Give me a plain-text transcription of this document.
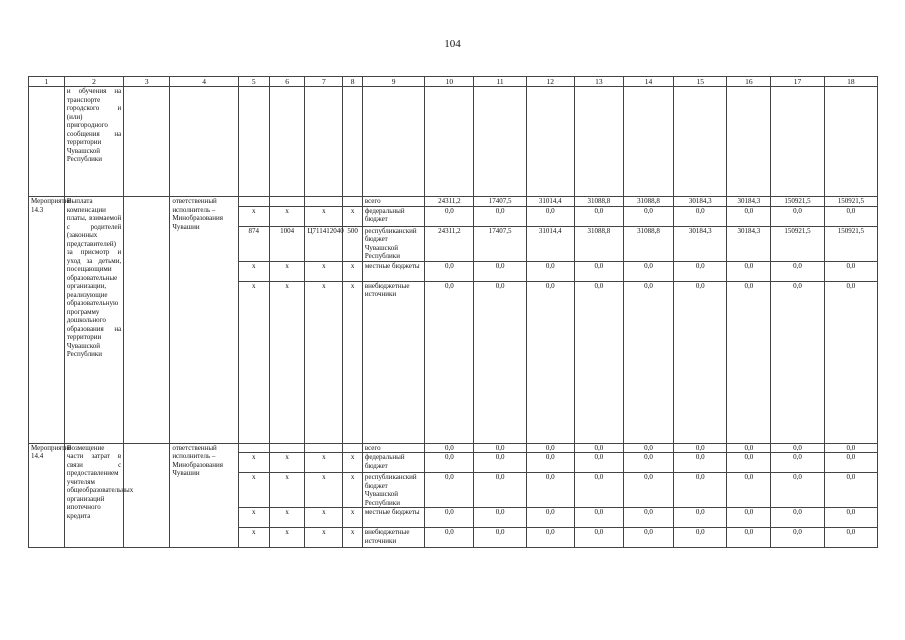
104
1	2	3	4	5	6	7	8	9	10	11	12	13	14	15	16	17	18
	и обучения на транспорте городского и (или) пригородного сообщения на территории Чувашской Республики																
Мероприятие 14.3	Выплата компенсации платы, взимаемой с родителей (законных представителей) за присмотр и уход за детьми, посещающими образовательные организации, реализующие образовательную программу дошкольного образования на территории Чувашской Республики		ответственный исполнитель – Минобразования Чувашии					всего	24311,2	17407,5	31014,4	31088,8	31088,8	30184,3	30184,3	150921,5	150921,5
				x	x	x	x	федеральный бюджет	0,0	0,0	0,0	0,0	0,0	0,0	0,0	0,0	0,0
				874	1004	Ц711412040	500	республиканский бюджет Чувашской Республики	24311,2	17407,5	31014,4	31088,8	31088,8	30184,3	30184,3	150921,5	150921,5
				x	x	x	x	местные бюджеты	0,0	0,0	0,0	0,0	0,0	0,0	0,0	0,0	0,0
				x	x	x	x	внебюджетные источники	0,0	0,0	0,0	0,0	0,0	0,0	0,0	0,0	0,0
Мероприятие 14.4	Возмещение части затрат в связи с предоставлением учителям общеобразовательных организаций ипотечного кредита		ответственный исполнитель – Минобразования Чувашии					всего	0,0	0,0	0,0	0,0	0,0	0,0	0,0	0,0	0,0
				x	x	x	x	федеральный бюджет	0,0	0,0	0,0	0,0	0,0	0,0	0,0	0,0	0,0
				x	x	x	x	республиканский бюджет Чувашской Республики	0,0	0,0	0,0	0,0	0,0	0,0	0,0	0,0	0,0
				x	x	x	x	местные бюджеты	0,0	0,0	0,0	0,0	0,0	0,0	0,0	0,0	0,0
				x	x	x	x	внебюджетные источники	0,0	0,0	0,0	0,0	0,0	0,0	0,0	0,0	0,0
